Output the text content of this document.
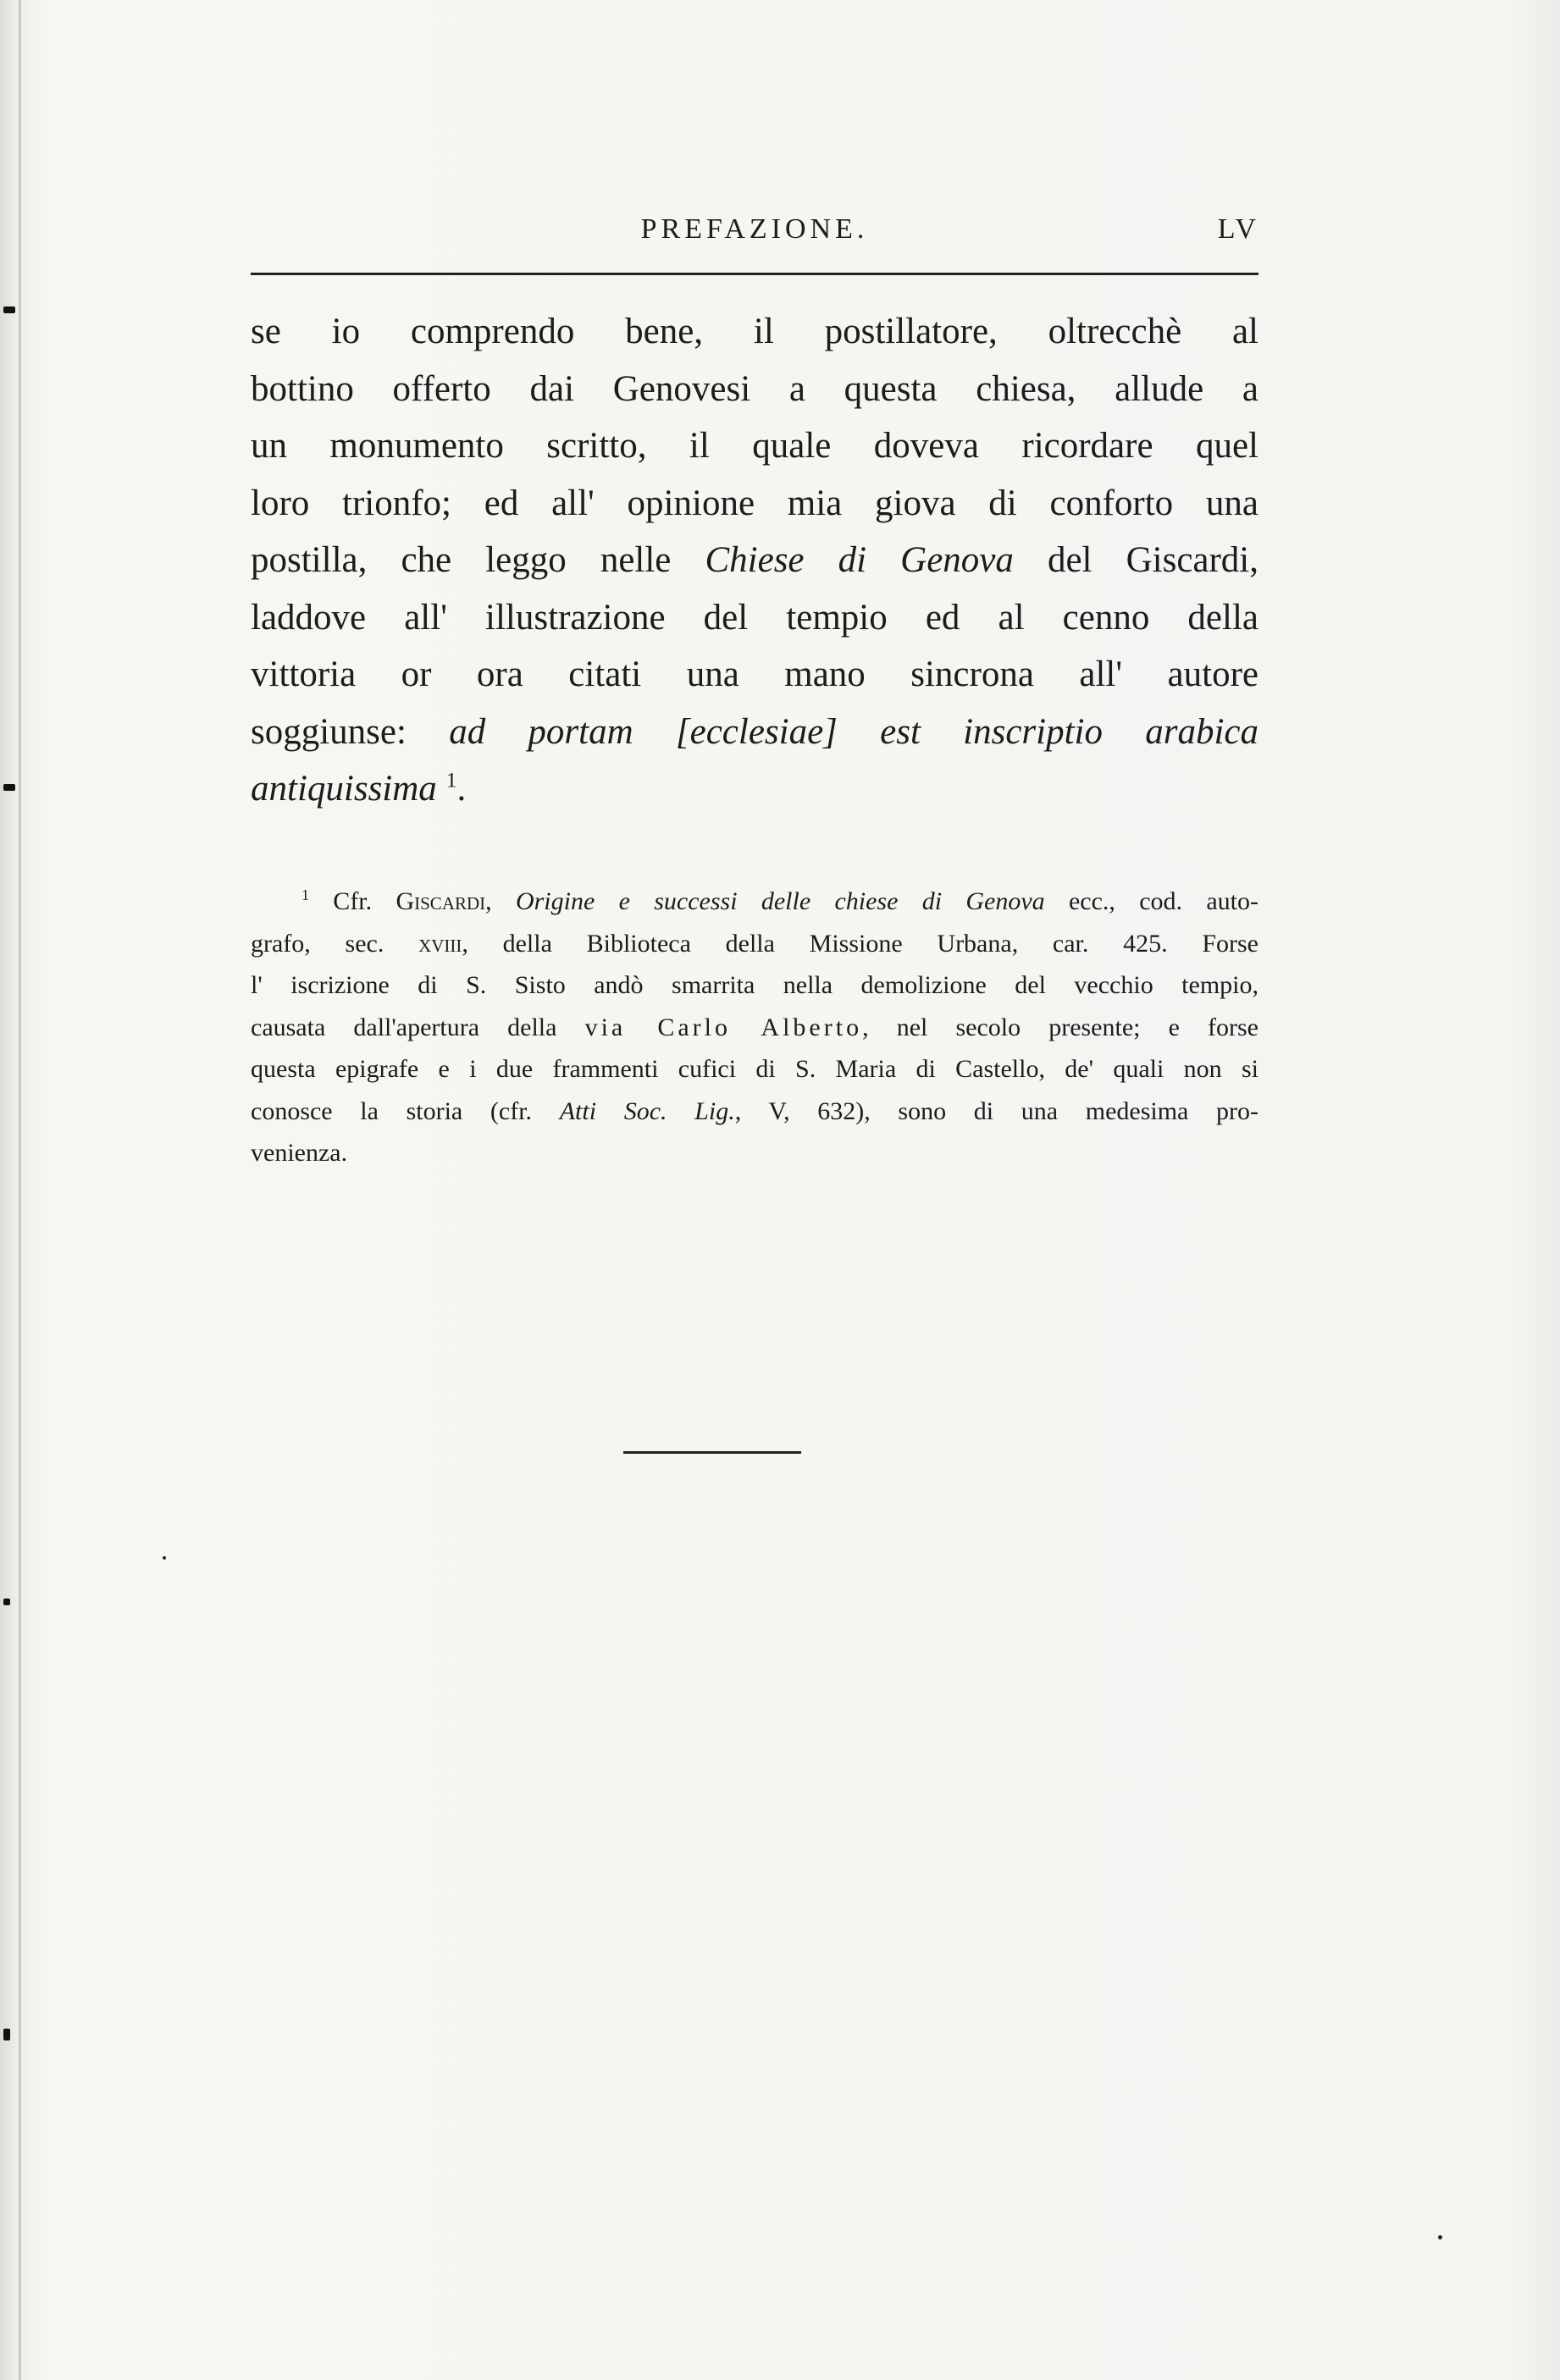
PREFAZIONE.	LV
se io comprendo bene, il postillatore, oltrecchè al
bottino offerto dai Genovesi a questa chiesa, allude a
un monumento scritto, il quale doveva ricordare quel
loro trionfo; ed all' opinione mia giova di conforto una
postilla, che leggo nelle Chiese di Genova del Giscardi,
laddove all' illustrazione del tempio ed al cenno della
vittoria or ora citati una mano sincrona all' autore
soggiunse: ad portam [ecclesiae] est inscriptio arabica
antiquissima $^1$.
$^1$ Cfr. Giscardi, Origine e successi delle chiese di Genova ecc., cod. auto-
grafo, sec. xviii, della Biblioteca della Missione Urbana, car. 425. Forse
l' iscrizione di S. Sisto andò smarrita nella demolizione del vecchio tempio,
causata dall'apertura della via Carlo Alberto, nel secolo presente; e forse
questa epigrafe e i due frammenti cufici di S. Maria di Castello, de' quali non si
conosce la storia (cfr. Atti Soc. Lig., V, 632), sono di una medesima pro-
venienza.
